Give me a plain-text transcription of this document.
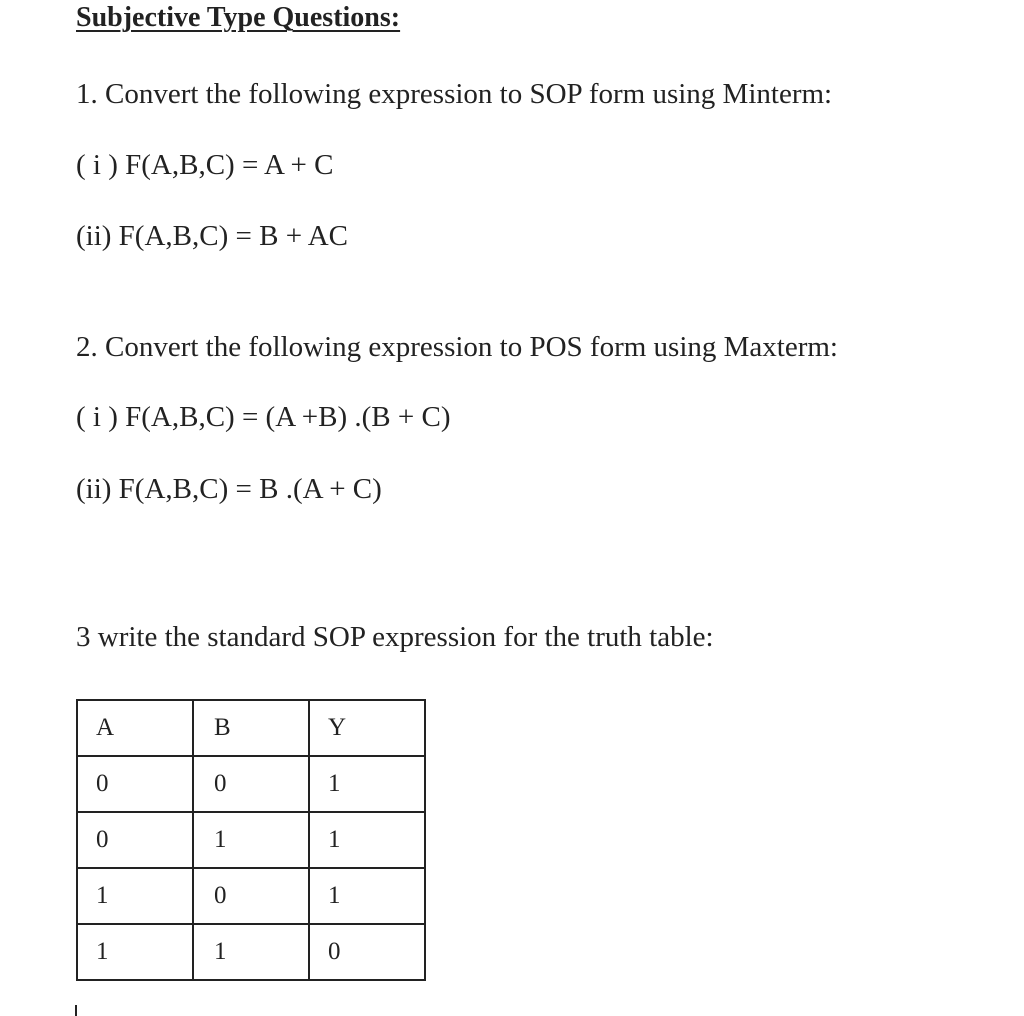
Subjective Type Questions:
1. Convert the following expression to SOP form using Minterm:
( i ) F(A,B,C) = A + C
(ii) F(A,B,C) = B + AC
2. Convert the following expression to POS form using Maxterm:
( i ) F(A,B,C) = (A +B) .(B + C)
(ii) F(A,B,C) = B .(A + C)
3 write the standard SOP expression for the truth table:
A	B	Y
0	0	1
0	1	1
1	0	1
1	1	0
